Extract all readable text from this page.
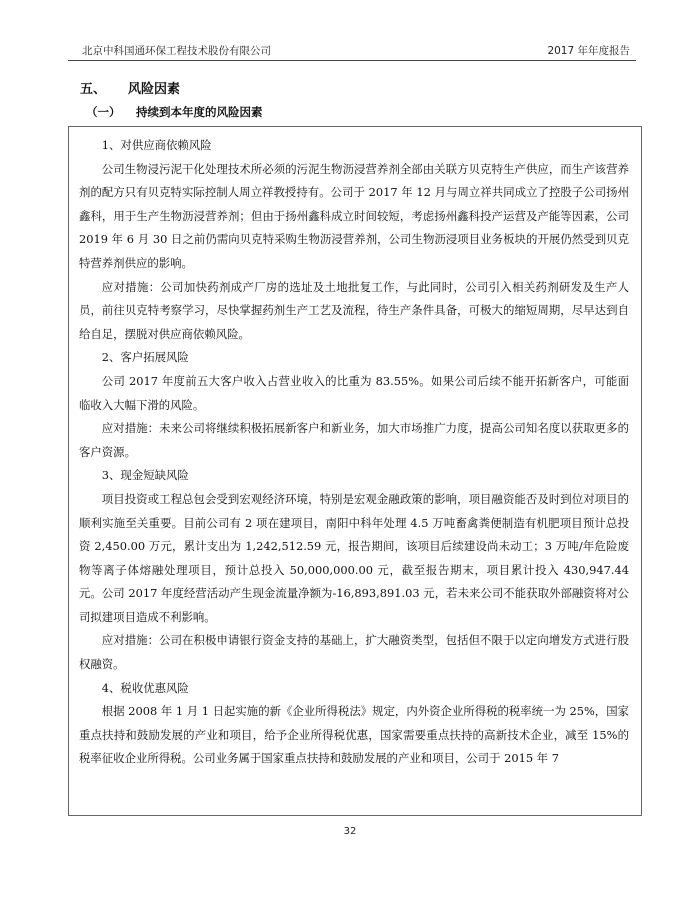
北京中科国通环保工程技术股份有限公司	2017 年年度报告
五、 风险因素
（一） 持续到本年度的风险因素

1、对供应商依赖风险

公司生物浸污泥干化处理技术所必须的污泥生物沥浸营养剂全部由关联方贝克特生产供应，而生产该营养剂的配方只有贝克特实际控制人周立祥教授持有。公司于 2017 年 12 月与周立祥共同成立了控股子公司扬州鑫科，用于生产生物沥浸营养剂；但由于扬州鑫科成立时间较短，考虑扬州鑫科投产运营及产能等因素，公司 2019 年 6 月 30 日之前仍需向贝克特采购生物沥浸营养剂，公司生物沥浸项目业务板块的开展仍然受到贝克特营养剂供应的影响。

应对措施：公司加快药剂成产厂房的选址及土地批复工作，与此同时，公司引入相关药剂研发及生产人员，前往贝克特考察学习，尽快掌握药剂生产工艺及流程，待生产条件具备，可极大的缩短周期，尽早达到自给自足，摆脱对供应商依赖风险。

2、客户拓展风险

公司 2017 年度前五大客户收入占营业收入的比重为 83.55%。如果公司后续不能开拓新客户，可能面临收入大幅下滑的风险。

应对措施：未来公司将继续积极拓展新客户和新业务，加大市场推广力度，提高公司知名度以获取更多的客户资源。

3、现金短缺风险

项目投资或工程总包会受到宏观经济环境，特别是宏观金融政策的影响，项目融资能否及时到位对项目的顺利实施至关重要。目前公司有 2 项在建项目，南阳中科年处理 4.5 万吨畜禽粪便制造有机肥项目预计总投资 2,450.00 万元，累计支出为 1,242,512.59 元，报告期间，该项目后续建设尚未动工；3 万吨/年危险废物等离子体熔融处理项目，预计总投入 50,000,000.00 元，截至报告期末，项目累计投入 430,947.44 元。公司 2017 年度经营活动产生现金流量净额为-16,893,891.03 元，若未来公司不能获取外部融资将对公司拟建项目造成不利影响。

应对措施：公司在积极申请银行资金支持的基础上，扩大融资类型，包括但不限于以定向增发方式进行股权融资。

4、税收优惠风险

根据 2008 年 1 月 1 日起实施的新《企业所得税法》规定，内外资企业所得税的税率统一为 25%，国家重点扶持和鼓励发展的产业和项目，给予企业所得税优惠，国家需要重点扶持的高新技术企业，减至 15%的税率征收企业所得税。公司业务属于国家重点扶持和鼓励发展的产业和项目，公司于 2015 年 7

32
